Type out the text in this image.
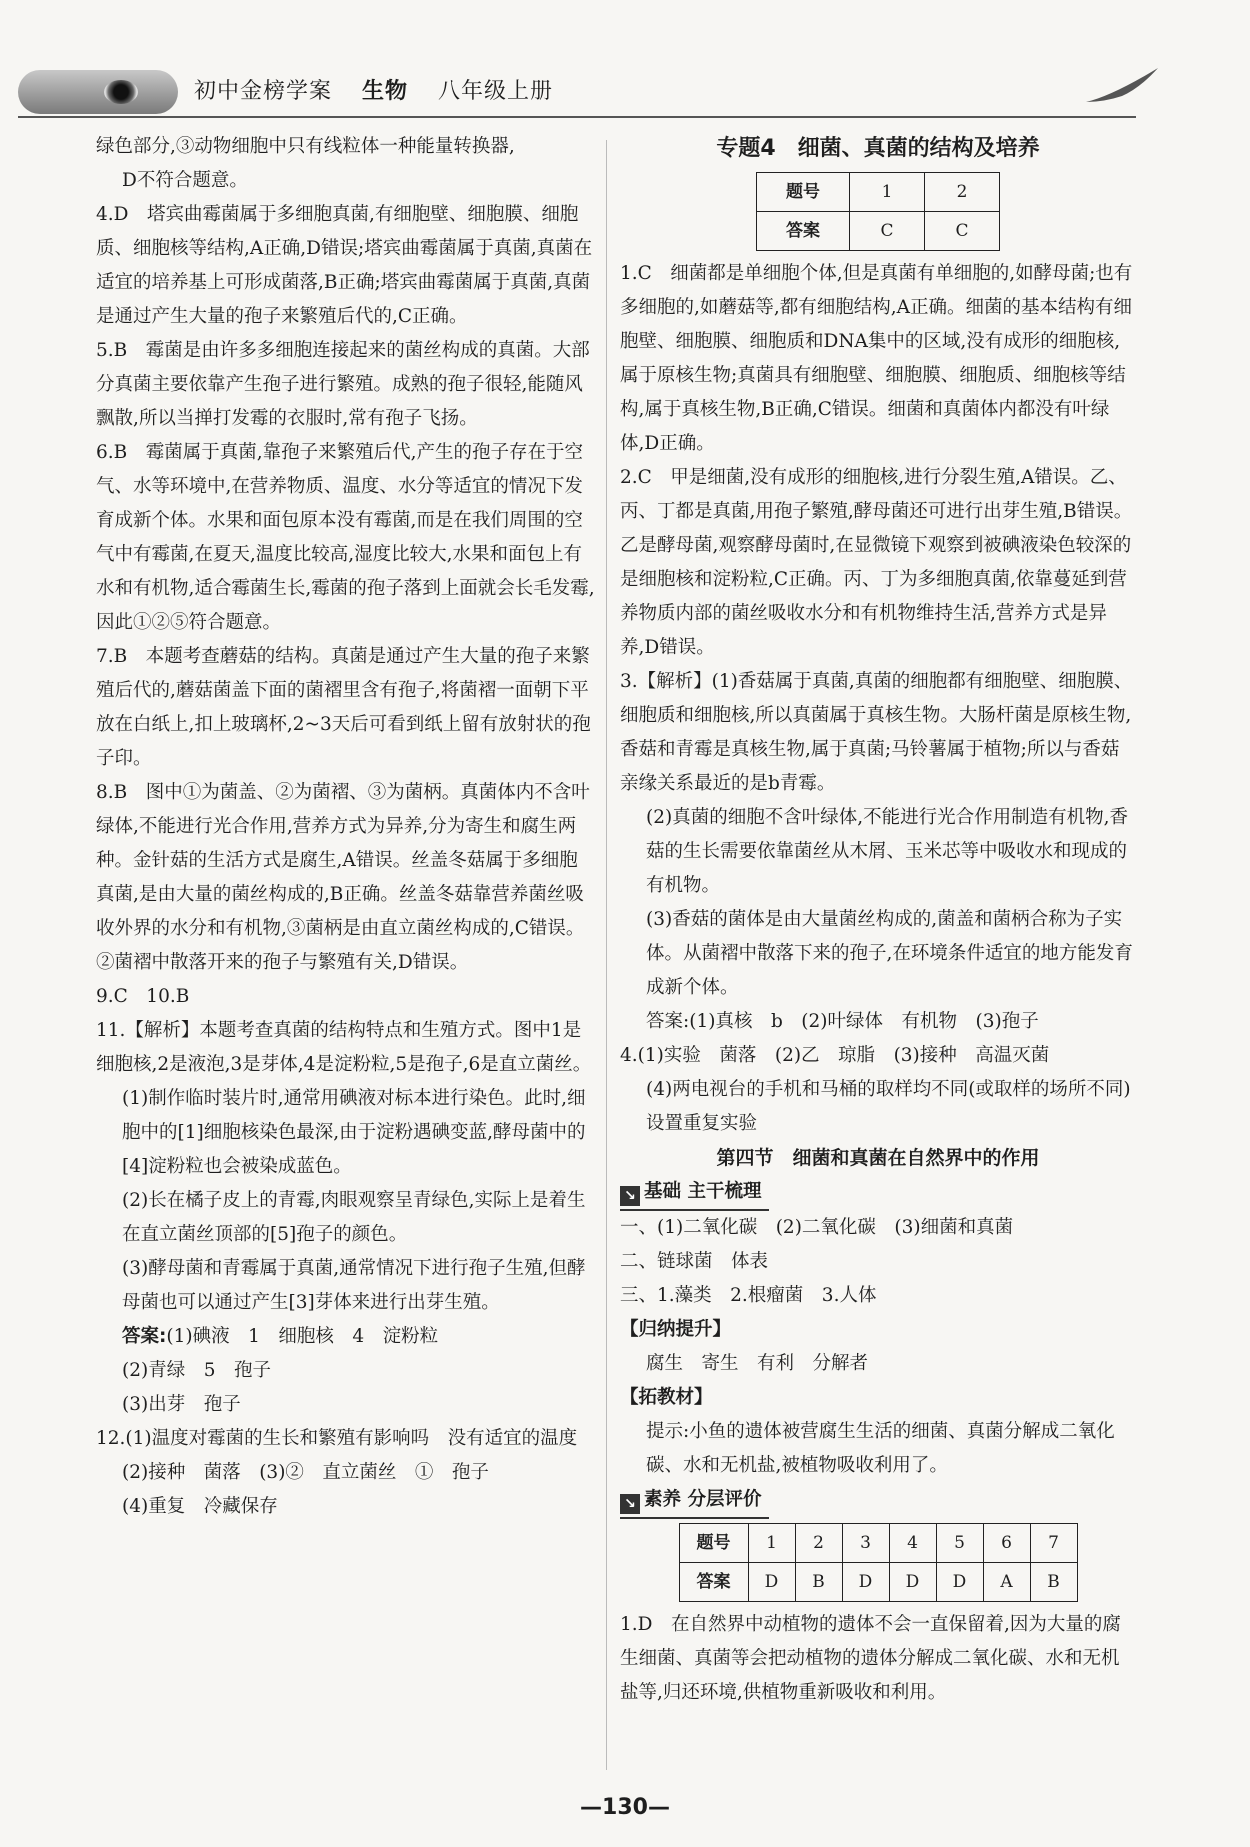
初中金榜学案 生物 八年级上册

绿色部分,③动物细胞中只有线粒体一种能量转换器,

D不符合题意。

4.D　塔宾曲霉菌属于多细胞真菌,有细胞壁、细胞膜、细胞质、细胞核等结构,A正确,D错误;塔宾曲霉菌属于真菌,真菌在适宜的培养基上可形成菌落,B正确;塔宾曲霉菌属于真菌,真菌是通过产生大量的孢子来繁殖后代的,C正确。

5.B　霉菌是由许多多细胞连接起来的菌丝构成的真菌。大部分真菌主要依靠产生孢子进行繁殖。成熟的孢子很轻,能随风飘散,所以当掸打发霉的衣服时,常有孢子飞扬。

6.B　霉菌属于真菌,靠孢子来繁殖后代,产生的孢子存在于空气、水等环境中,在营养物质、温度、水分等适宜的情况下发育成新个体。水果和面包原本没有霉菌,而是在我们周围的空气中有霉菌,在夏天,温度比较高,湿度比较大,水果和面包上有水和有机物,适合霉菌生长,霉菌的孢子落到上面就会长毛发霉,因此①②⑤符合题意。

7.B　本题考查蘑菇的结构。真菌是通过产生大量的孢子来繁殖后代的,蘑菇菌盖下面的菌褶里含有孢子,将菌褶一面朝下平放在白纸上,扣上玻璃杯,2~3天后可看到纸上留有放射状的孢子印。

8.B　图中①为菌盖、②为菌褶、③为菌柄。真菌体内不含叶绿体,不能进行光合作用,营养方式为异养,分为寄生和腐生两种。金针菇的生活方式是腐生,A错误。丝盖冬菇属于多细胞真菌,是由大量的菌丝构成的,B正确。丝盖冬菇靠营养菌丝吸收外界的水分和有机物,③菌柄是由直立菌丝构成的,C错误。②菌褶中散落开来的孢子与繁殖有关,D错误。

9.C　10.B

11.【解析】本题考查真菌的结构特点和生殖方式。图中1是细胞核,2是液泡,3是芽体,4是淀粉粒,5是孢子,6是直立菌丝。

(1)制作临时装片时,通常用碘液对标本进行染色。此时,细胞中的[1]细胞核染色最深,由于淀粉遇碘变蓝,酵母菌中的[4]淀粉粒也会被染成蓝色。

(2)长在橘子皮上的青霉,肉眼观察呈青绿色,实际上是着生在直立菌丝顶部的[5]孢子的颜色。

(3)酵母菌和青霉属于真菌,通常情况下进行孢子生殖,但酵母菌也可以通过产生[3]芽体来进行出芽生殖。

答案:(1)碘液　1　细胞核　4　淀粉粒

(2)青绿　5　孢子

(3)出芽　孢子

12.(1)温度对霉菌的生长和繁殖有影响吗　没有适宜的温度

(2)接种　菌落　(3)②　直立菌丝　①　孢子

(4)重复　冷藏保存

专题4　细菌、真菌的结构及培养
题号	1	2
答案	C	C

1.C　细菌都是单细胞个体,但是真菌有单细胞的,如酵母菌;也有多细胞的,如蘑菇等,都有细胞结构,A正确。细菌的基本结构有细胞壁、细胞膜、细胞质和DNA集中的区域,没有成形的细胞核,属于原核生物;真菌具有细胞壁、细胞膜、细胞质、细胞核等结构,属于真核生物,B正确,C错误。细菌和真菌体内都没有叶绿体,D正确。

2.C　甲是细菌,没有成形的细胞核,进行分裂生殖,A错误。乙、丙、丁都是真菌,用孢子繁殖,酵母菌还可进行出芽生殖,B错误。乙是酵母菌,观察酵母菌时,在显微镜下观察到被碘液染色较深的是细胞核和淀粉粒,C正确。丙、丁为多细胞真菌,依靠蔓延到营养物质内部的菌丝吸收水分和有机物维持生活,营养方式是异养,D错误。

3.【解析】(1)香菇属于真菌,真菌的细胞都有细胞壁、细胞膜、细胞质和细胞核,所以真菌属于真核生物。大肠杆菌是原核生物,香菇和青霉是真核生物,属于真菌;马铃薯属于植物;所以与香菇亲缘关系最近的是b青霉。

(2)真菌的细胞不含叶绿体,不能进行光合作用制造有机物,香菇的生长需要依靠菌丝从木屑、玉米芯等中吸收水和现成的有机物。

(3)香菇的菌体是由大量菌丝构成的,菌盖和菌柄合称为子实体。从菌褶中散落下来的孢子,在环境条件适宜的地方能发育成新个体。

答案:(1)真核　b　(2)叶绿体　有机物　(3)孢子

4.(1)实验　菌落　(2)乙　琼脂　(3)接种　高温灭菌

(4)两电视台的手机和马桶的取样均不同(或取样的场所不同)　设置重复实验

第四节　细菌和真菌在自然界中的作用
↘ 基础 主干梳理

一、(1)二氧化碳　(2)二氧化碳　(3)细菌和真菌

二、链球菌　体表

三、1.藻类　2.根瘤菌　3.人体

【归纳提升】

腐生　寄生　有利　分解者

【拓教材】

提示:小鱼的遗体被营腐生生活的细菌、真菌分解成二氧化碳、水和无机盐,被植物吸收利用了。

↘ 素养 分层评价
题号	1	2	3	4	5	6	7
答案	D	B	D	D	D	A	B

1.D　在自然界中动植物的遗体不会一直保留着,因为大量的腐生细菌、真菌等会把动植物的遗体分解成二氧化碳、水和无机盐等,归还环境,供植物重新吸收和利用。

—130—
